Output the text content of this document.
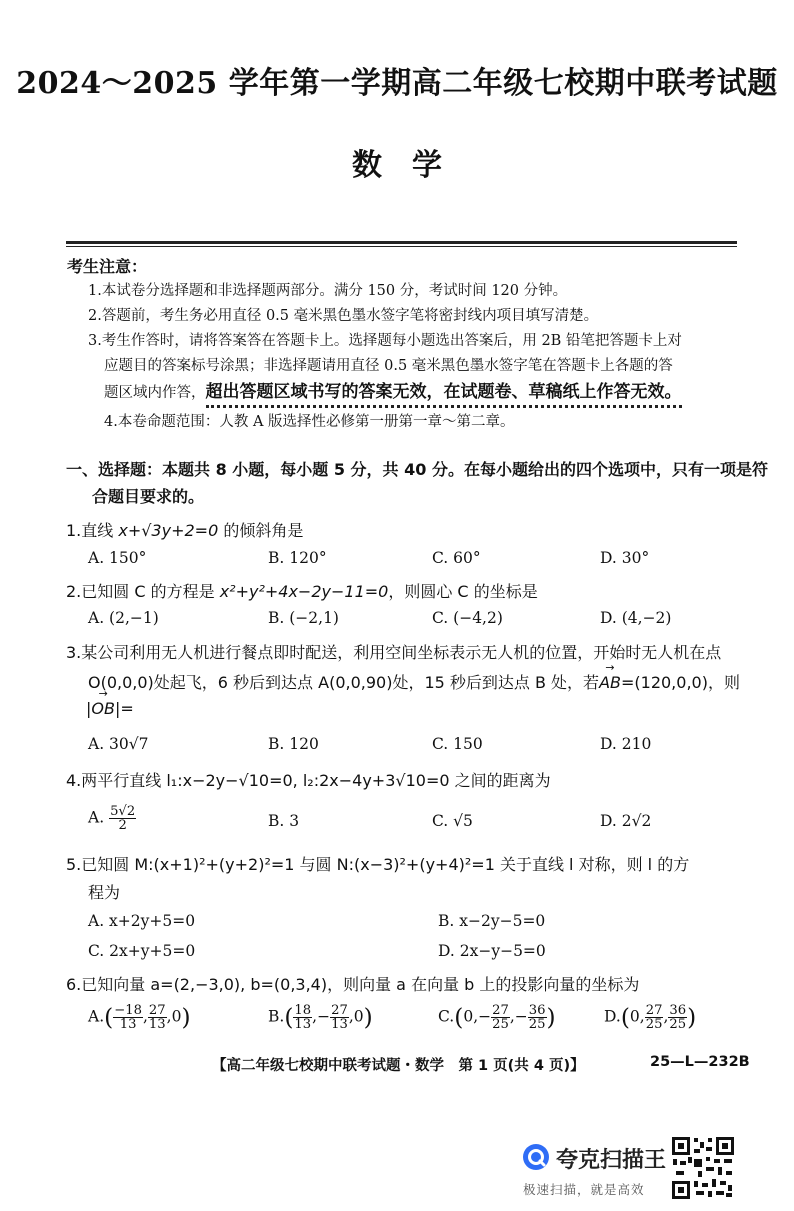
2024～2025 学年第一学期高二年级七校期中联考试题
数学
考生注意：
1.本试卷分选择题和非选择题两部分。满分 150 分，考试时间 120 分钟。
2.答题前，考生务必用直径 0.5 毫米黑色墨水签字笔将密封线内项目填写清楚。
3.考生作答时，请将答案答在答题卡上。选择题每小题选出答案后，用 2B 铅笔把答题卡上对
应题目的答案标号涂黑；非选择题请用直径 0.5 毫米黑色墨水签字笔在答题卡上各题的答
题区域内作答，超出答题区域书写的答案无效，在试题卷、草稿纸上作答无效。
4.本卷命题范围：人教 A 版选择性必修第一册第一章～第二章。
一、选择题：本题共 8 小题，每小题 5 分，共 40 分。在每小题给出的四个选项中，只有一项是符
合题目要求的。
1.直线 x+√3y+2=0 的倾斜角是
A. 150°	B. 120°	C. 60°	D. 30°
2.已知圆 C 的方程是 x²+y²+4x−2y−11=0，则圆心 C 的坐标是
A. (2,−1)	B. (−2,1)	C. (−4,2)	D. (4,−2)
3.某公司利用无人机进行餐点即时配送，利用空间坐标表示无人机的位置，开始时无人机在点
O(0,0,0)处起飞，6 秒后到达点 A(0,0,90)处，15 秒后到达点 B 处，若→ AB=(120,0,0)，则
|→ OB|=
A. 30√7	B. 120	C. 150	D. 210
4.两平行直线 l₁:x−2y−√10=0, l₂:2x−4y+3√10=0 之间的距离为
A. $\frac{5√2}{2}$	B. 3	C. √5	D. 2√2
5.已知圆 M:(x+1)²+(y+2)²=1 与圆 N:(x−3)²+(y+4)²=1 关于直线 l 对称，则 l 的方
程为
A. x+2y+5=0	B. x−2y−5=0
C. 2x+y+5=0	D. 2x−y−5=0
6.已知向量 a=(2,−3,0), b=(0,3,4)，则向量 a 在向量 b 上的投影向量的坐标为
$A.( \frac{-18}{13}$ , $\frac{27}{13} ,0$)	$B.( \frac{18}{13}$ ,− $\frac{27}{13} ,0$)	$C.(0,- \frac{27}{25}$ ,− $\frac{36}{25}$ )	D.(0, $\frac{27}{25}$ , $\frac{36}{25}$ )
【高二年级七校期中联考试题・数学　第 1 页(共 4 页)】	25—L—232B
夸克扫描王
极速扫描，就是高效
